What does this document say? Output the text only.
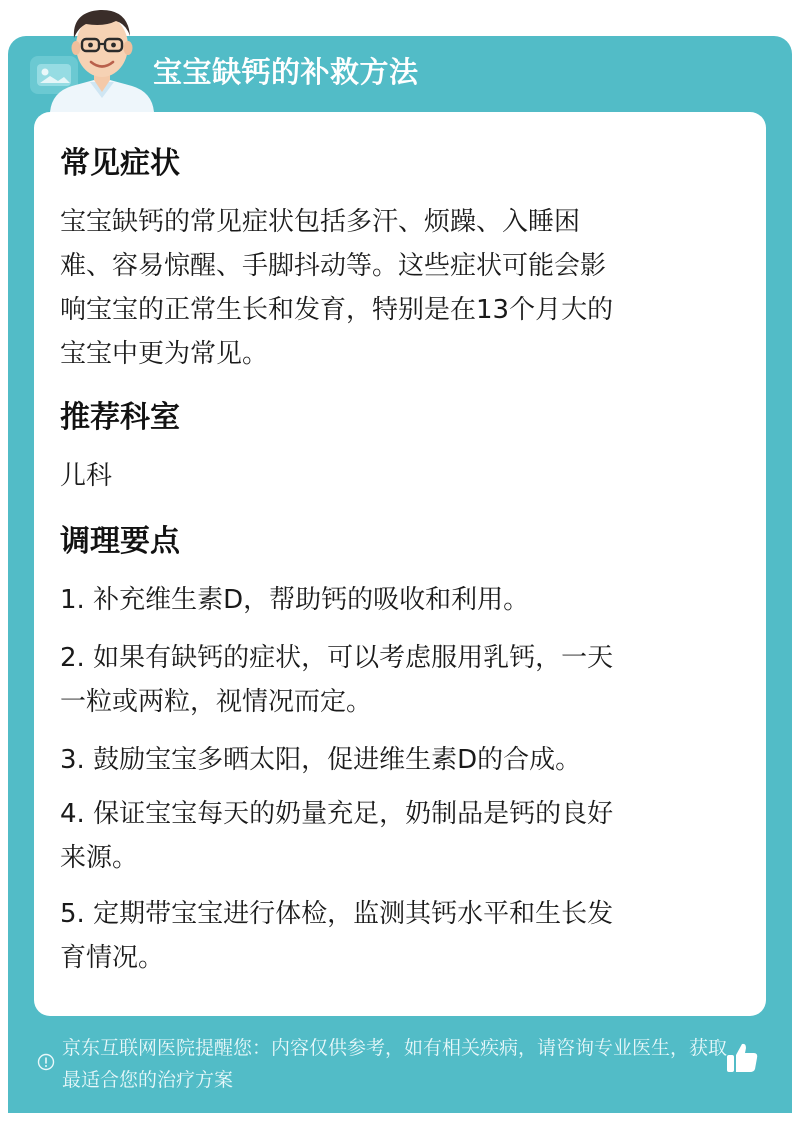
宝宝缺钙的补救方法
常见症状
宝宝缺钙的常见症状包括多汗、烦躁、入睡困
难、容易惊醒、手脚抖动等。这些症状可能会影
响宝宝的正常生长和发育，特别是在13个月大的
宝宝中更为常见。
推荐科室
儿科
调理要点
1. 补充维生素D，帮助钙的吸收和利用。
2. 如果有缺钙的症状，可以考虑服用乳钙，一天
一粒或两粒，视情况而定。
3. 鼓励宝宝多晒太阳，促进维生素D的合成。
4. 保证宝宝每天的奶量充足，奶制品是钙的良好
来源。
5. 定期带宝宝进行体检，监测其钙水平和生长发
育情况。
京东互联网医院提醒您：内容仅供参考，如有相关疾病，请咨询专业医生，获取最适合您的治疗方案
